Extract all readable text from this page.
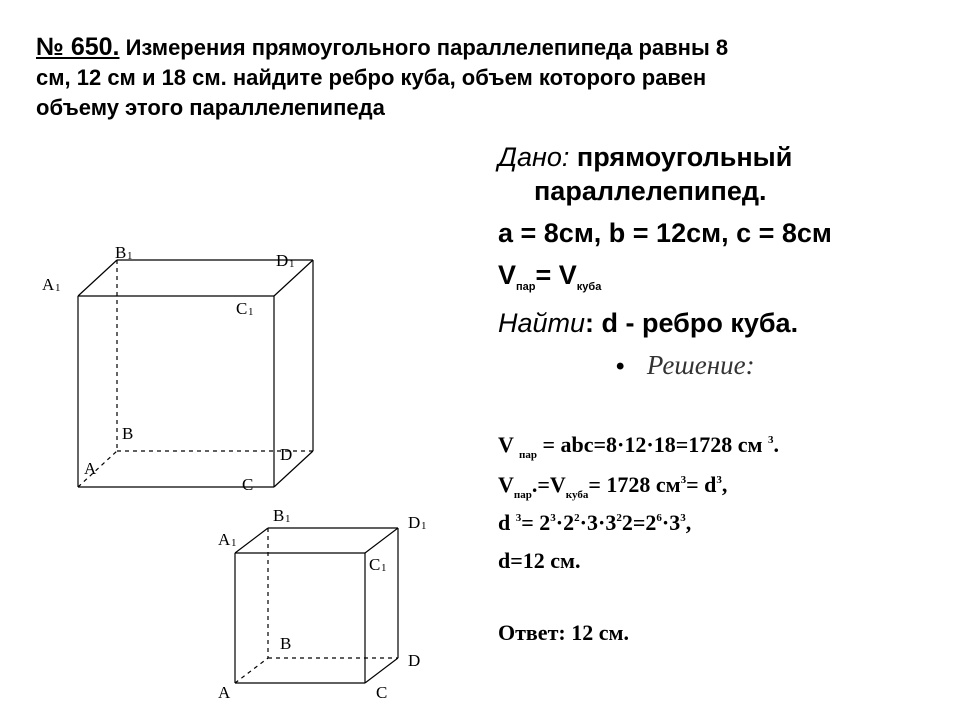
№ 650. Измерения прямоугольного параллелепипеда равны 8
см, 12 см и 18 см. найдите ребро куба, объем которого равен
объему этого параллелепипеда
Дано: прямоугольный
параллелепипед.
a = 8см, b = 12см, c = 8см
$V_{пар}= V_{куба}$
Найти: d - ребро куба.
• Решение:
V $_{пар}$ = abc=8·12·18=1728 см $^3$.
$V_{пар}.=V_{куба}= 1728$ $см^3= d^3$,
d $^3= 2^3\cdot 2^2\cdot 3\cdot 3^22=2^6\cdot 3^3$,
d=12 см.
Ответ: 12 см.
B 1
A 1
D 1
C 1
B
A
D
C
B 1
A 1
D 1
C 1
B
D
A	C
